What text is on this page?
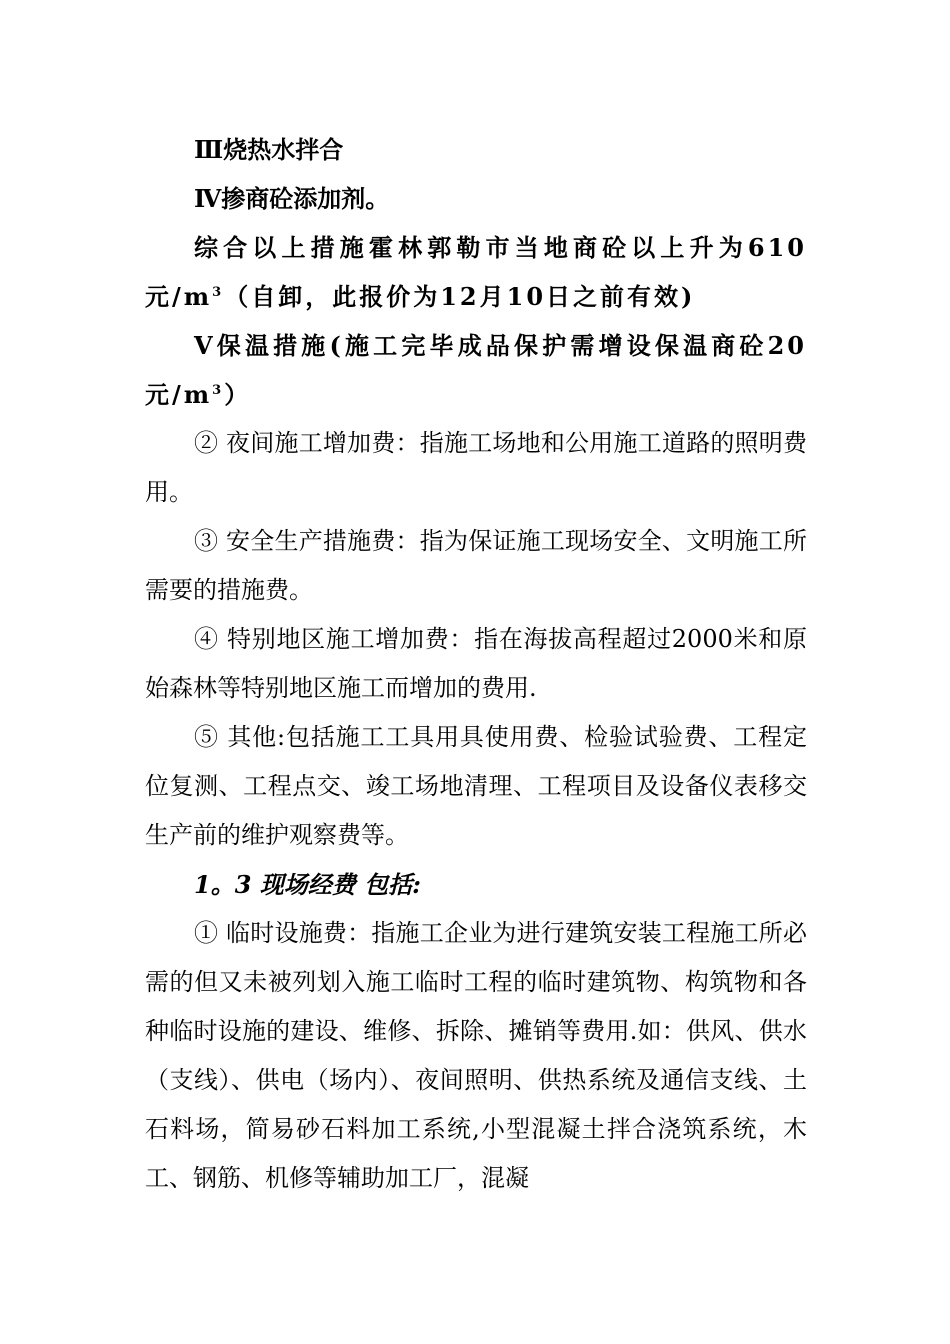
Ⅲ烧热水拌合

Ⅳ掺商砼添加剂。

综合以上措施霍林郭勒市当地商砼以上升为610元$/m^3$（自卸，此报价为12月10日之前有效)

V保温措施(施工完毕成品保护需增设保温商砼20元$/m^3$）

② 夜间施工增加费：指施工场地和公用施工道路的照明费用。

③ 安全生产措施费：指为保证施工现场安全、文明施工所需要的措施费。

④ 特别地区施工增加费：指在海拔高程超过2000米和原始森林等特别地区施工而增加的费用.

⑤ 其他:包括施工工具用具使用费、检验试验费、工程定位复测、工程点交、竣工场地清理、工程项目及设备仪表移交生产前的维护观察费等。

1。3 现场经费 包括:

① 临时设施费：指施工企业为进行建筑安装工程施工所必需的但又未被列划入施工临时工程的临时建筑物、构筑物和各种临时设施的建设、维修、拆除、摊销等费用.如：供风、供水（支线）、供电（场内）、夜间照明、供热系统及通信支线、土石料场，简易砂石料加工系统,小型混凝土拌合浇筑系统，木工、钢筋、机修等辅助加工厂，混凝
